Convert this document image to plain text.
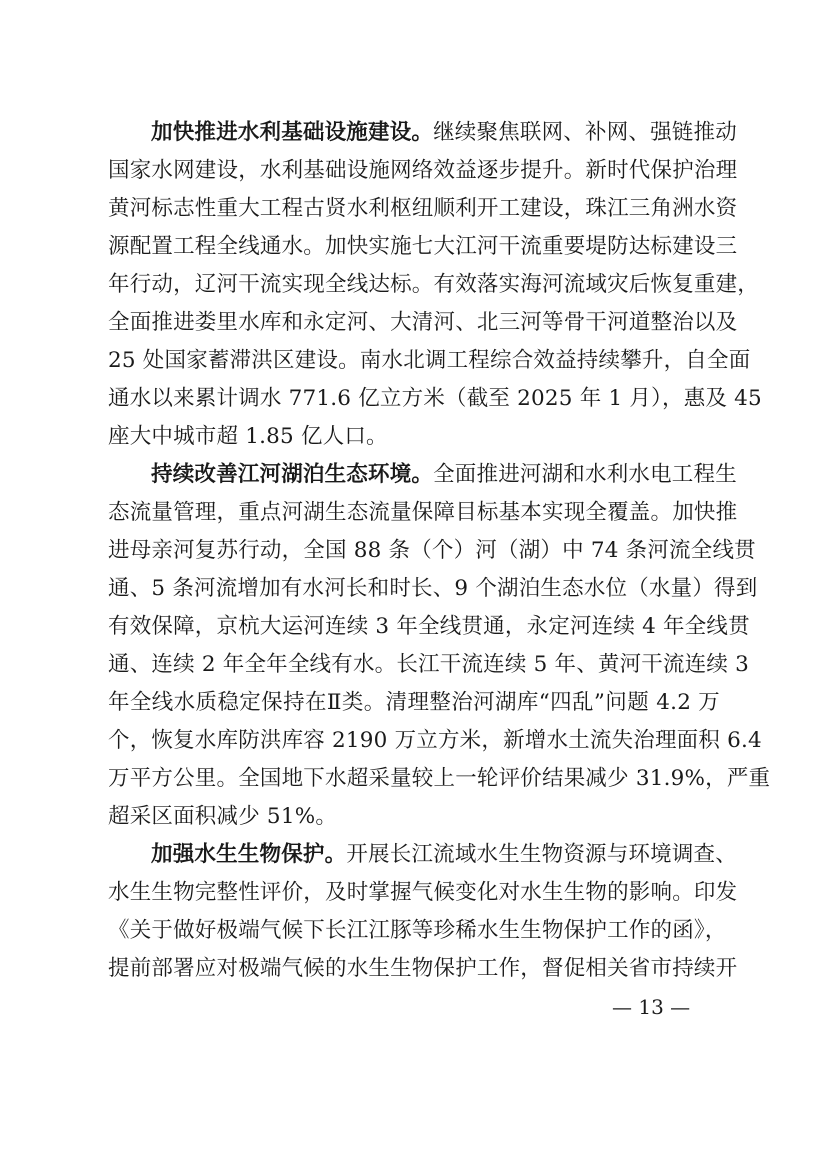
加快推进水利基础设施建设。继续聚焦联网、补网、强链推动
国家水网建设，水利基础设施网络效益逐步提升。新时代保护治理
黄河标志性重大工程古贤水利枢纽顺利开工建设，珠江三角洲水资
源配置工程全线通水。加快实施七大江河干流重要堤防达标建设三
年行动，辽河干流实现全线达标。有效落实海河流域灾后恢复重建，
全面推进娄里水库和永定河、大清河、北三河等骨干河道整治以及
25 处国家蓄滞洪区建设。南水北调工程综合效益持续攀升，自全面
通水以来累计调水 771.6 亿立方米（截至 2025 年 1 月），惠及 45
座大中城市超 1.85 亿人口。
持续改善江河湖泊生态环境。全面推进河湖和水利水电工程生
态流量管理，重点河湖生态流量保障目标基本实现全覆盖。加快推
进母亲河复苏行动，全国 88 条（个）河（湖）中 74 条河流全线贯
通、5 条河流增加有水河长和时长、9 个湖泊生态水位（水量）得到
有效保障，京杭大运河连续 3 年全线贯通，永定河连续 4 年全线贯
通、连续 2 年全年全线有水。长江干流连续 5 年、黄河干流连续 3
年全线水质稳定保持在Ⅱ类。清理整治河湖库“四乱”问题 4.2 万
个，恢复水库防洪库容 2190 万立方米，新增水土流失治理面积 6.4
万平方公里。全国地下水超采量较上一轮评价结果减少 31.9%，严重
超采区面积减少 51%。
加强水生生物保护。开展长江流域水生生物资源与环境调查、
水生生物完整性评价，及时掌握气候变化对水生生物的影响。印发
《关于做好极端气候下长江江豚等珍稀水生生物保护工作的函》，
提前部署应对极端气候的水生生物保护工作，督促相关省市持续开
— 13 —
